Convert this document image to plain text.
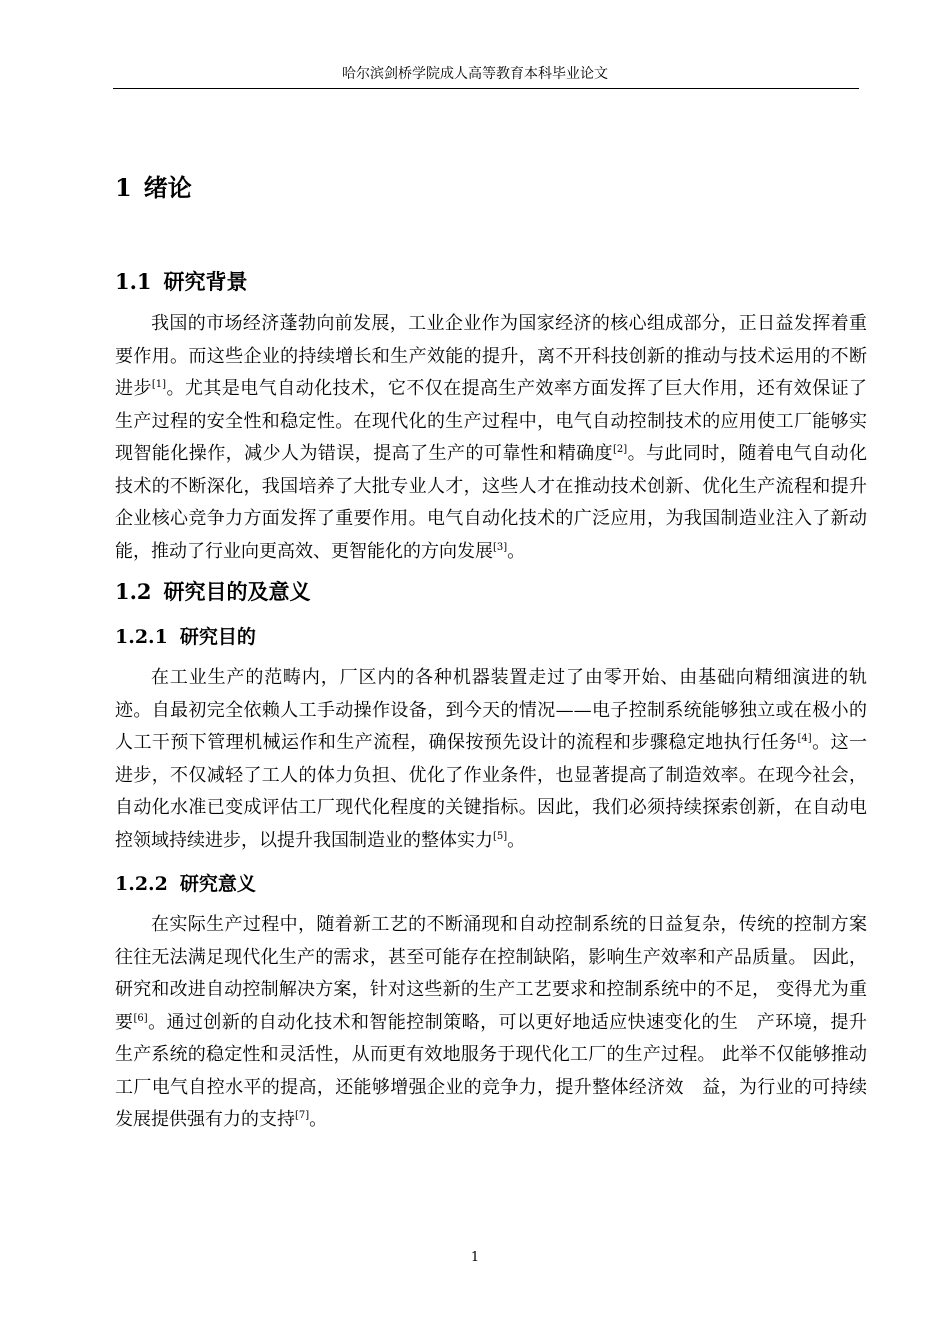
哈尔滨剑桥学院成人高等教育本科毕业论文
1 绪论
1.1 研究背景

我国的市场经济蓬勃向前发展，工业企业作为国家经济的核心组成部分，正日益发挥着重要作用。而这些企业的持续增长和生产效能的提升，离不开科技创新的推动与技术运用的不断进步[1]。尤其是电气自动化技术，它不仅在提高生产效率方面发挥了巨大作用，还有效保证了生产过程的安全性和稳定性。在现代化的生产过程中，电气自动控制技术的应用使工厂能够实现智能化操作，减少人为错误，提高了生产的可靠性和精确度[2]。与此同时，随着电气自动化技术的不断深化，我国培养了大批专业人才，这些人才在推动技术创新、优化生产流程和提升企业核心竞争力方面发挥了重要作用。电气自动化技术的广泛应用，为我国制造业注入了新动能，推动了行业向更高效、更智能化的方向发展[3]。

1.2 研究目的及意义
1.2.1 研究目的

在工业生产的范畴内，厂区内的各种机器装置走过了由零开始、由基础向精细演进的轨迹。自最初完全依赖人工手动操作设备，到今天的情况——电子控制系统能够独立或在极小的人工干预下管理机械运作和生产流程，确保按预先设计的流程和步骤稳定地执行任务[4]。这一进步，不仅减轻了工人的体力负担、优化了作业条件，也显著提高了制造效率。在现今社会， 自动化水准已变成评估工厂现代化程度的关键指标。因此，我们必须持续探索创新，在自动电控领域持续进步，以提升我国制造业的整体实力[5]。

1.2.2 研究意义

在实际生产过程中，随着新工艺的不断涌现和自动控制系统的日益复杂，传统的控制方案往往无法满足现代化生产的需求，甚至可能存在控制缺陷，影响生产效率和产品质量。 因此，研究和改进自动控制解决方案，针对这些新的生产工艺要求和控制系统中的不足， 变得尤为重要[6]。通过创新的自动化技术和智能控制策略，可以更好地适应快速变化的生　产环境，提升生产系统的稳定性和灵活性，从而更有效地服务于现代化工厂的生产过程。 此举不仅能够推动工厂电气自控水平的提高，还能够增强企业的竞争力，提升整体经济效　益，为行业的可持续发展提供强有力的支持[7]。

1
